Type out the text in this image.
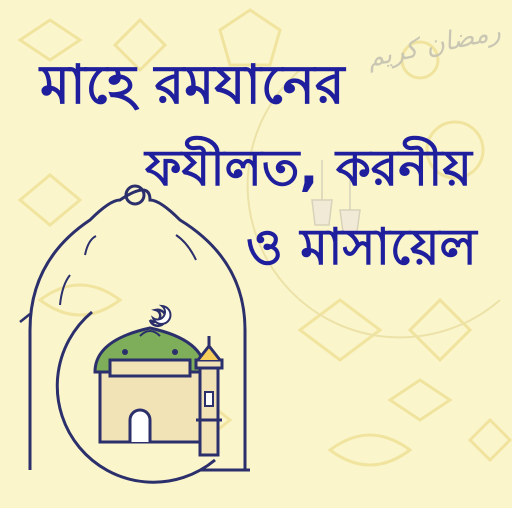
رمضان كريم
মাহে রমযানের
ফযীলত, করনীয়
ও মাসায়েল
